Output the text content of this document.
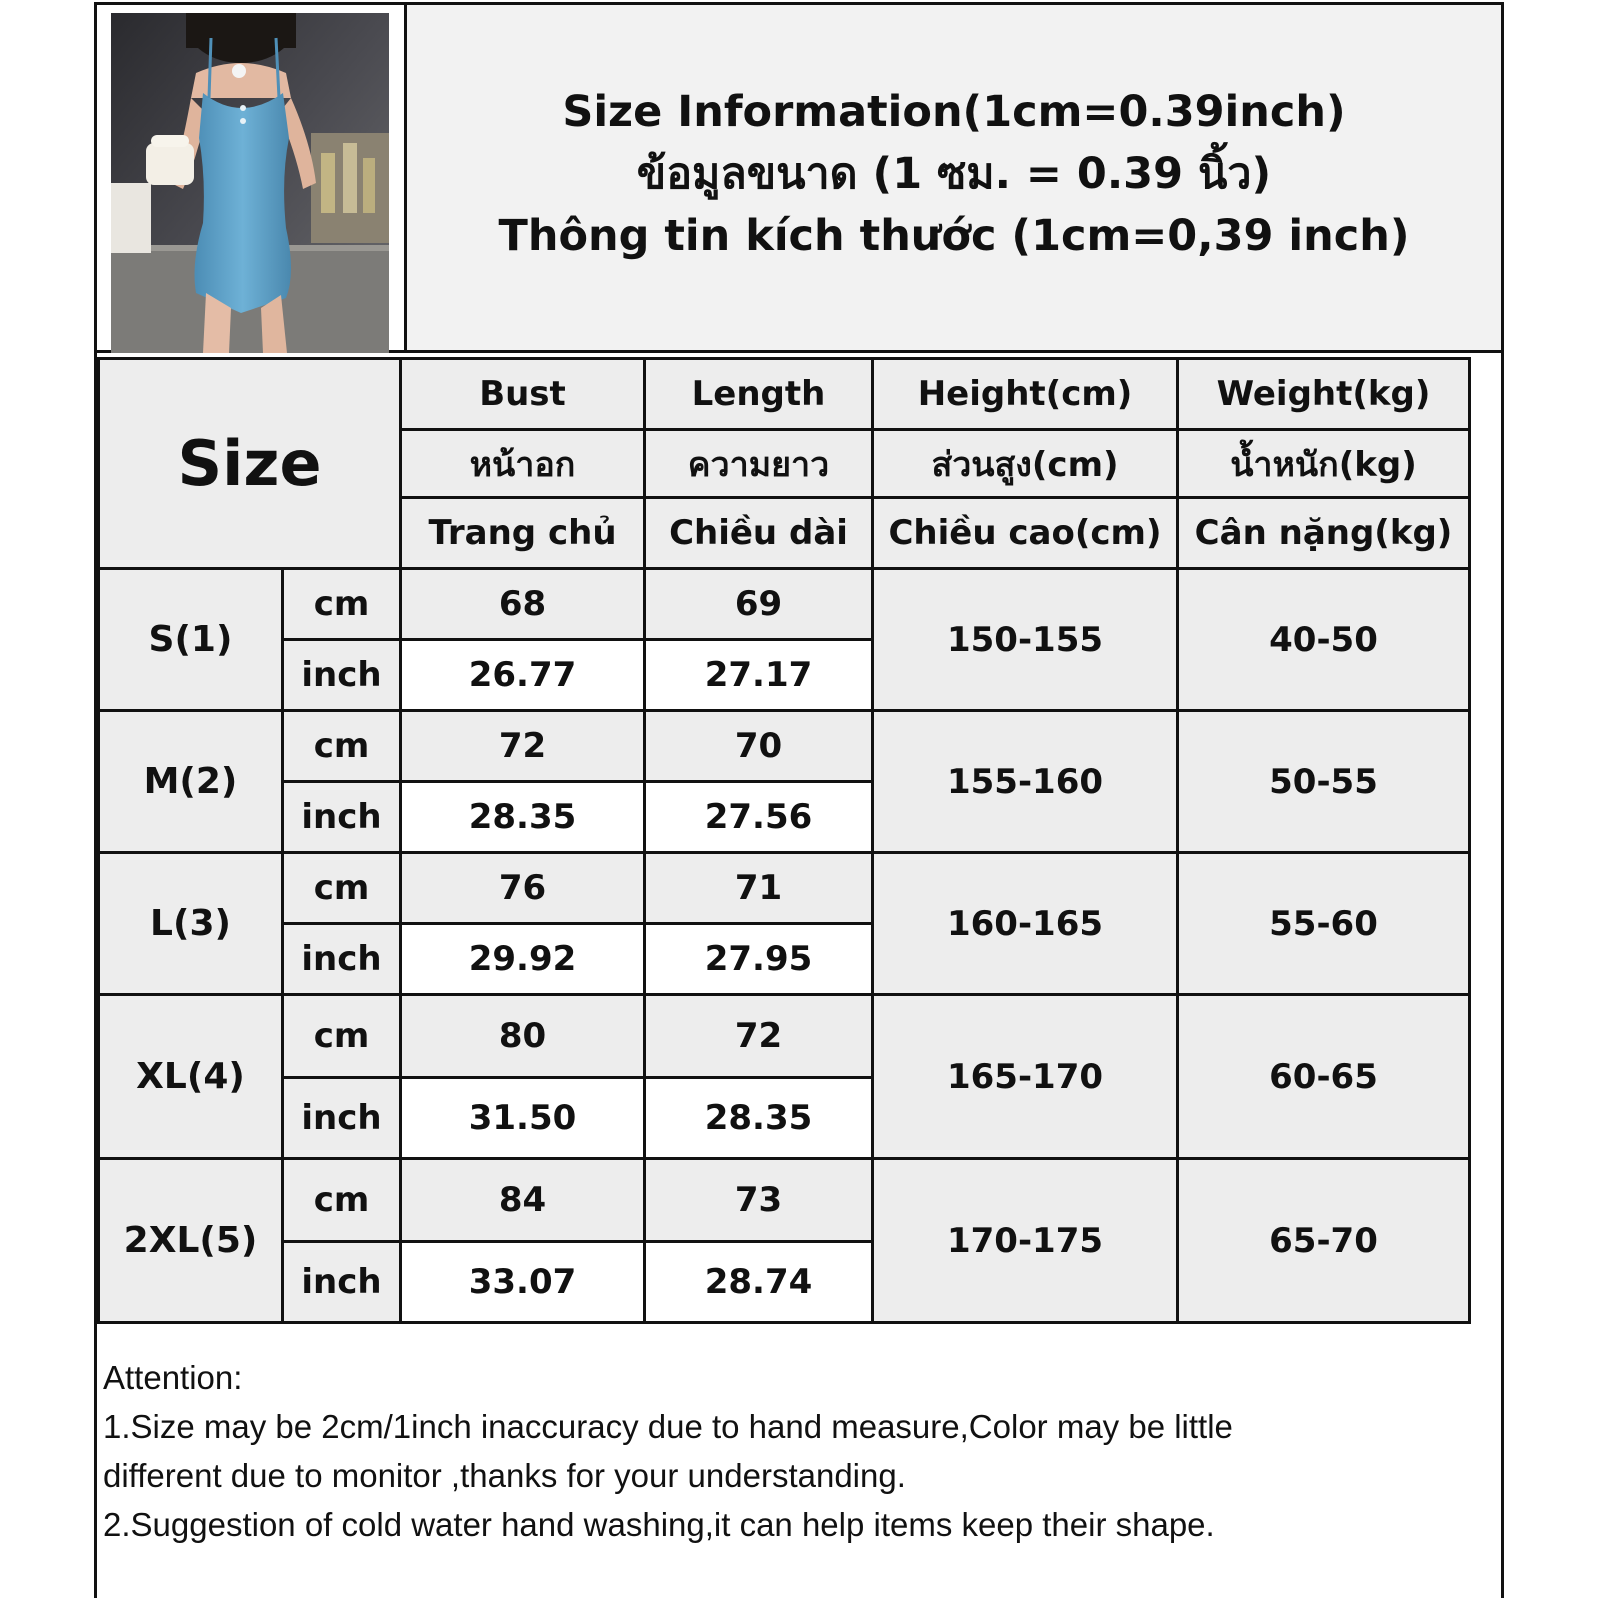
Size Information(1cm=0.39inch)
ข้อมูลขนาด (1 ซม. = 0.39 นิ้ว)
Thông tin kích thước (1cm=0,39 inch)
Size		Bust	Length	Height(cm)	Weight(kg)
		หน้าอก	ความยาว	ส่วนสูง(cm)	น้ำหนัก(kg)
		Trang chủ	Chiều dài	Chiều cao(cm)	Cân nặng(kg)
S(1)	cm	68	69	150-155	40-50
	inch	26.77	27.17		
M(2)	cm	72	70	155-160	50-55
	inch	28.35	27.56		
L(3)	cm	76	71	160-165	55-60
	inch	29.92	27.95		
XL(4)	cm	80	72	165-170	60-65
	inch	31.50	28.35		
2XL(5)	cm	84	73	170-175	65-70
	inch	33.07	28.74		
Attention:
1.Size may be 2cm/1inch inaccuracy due to hand measure,Color may be little
different due to monitor ,thanks for your understanding.
2.Suggestion of cold water hand washing,it can help items keep their shape.
